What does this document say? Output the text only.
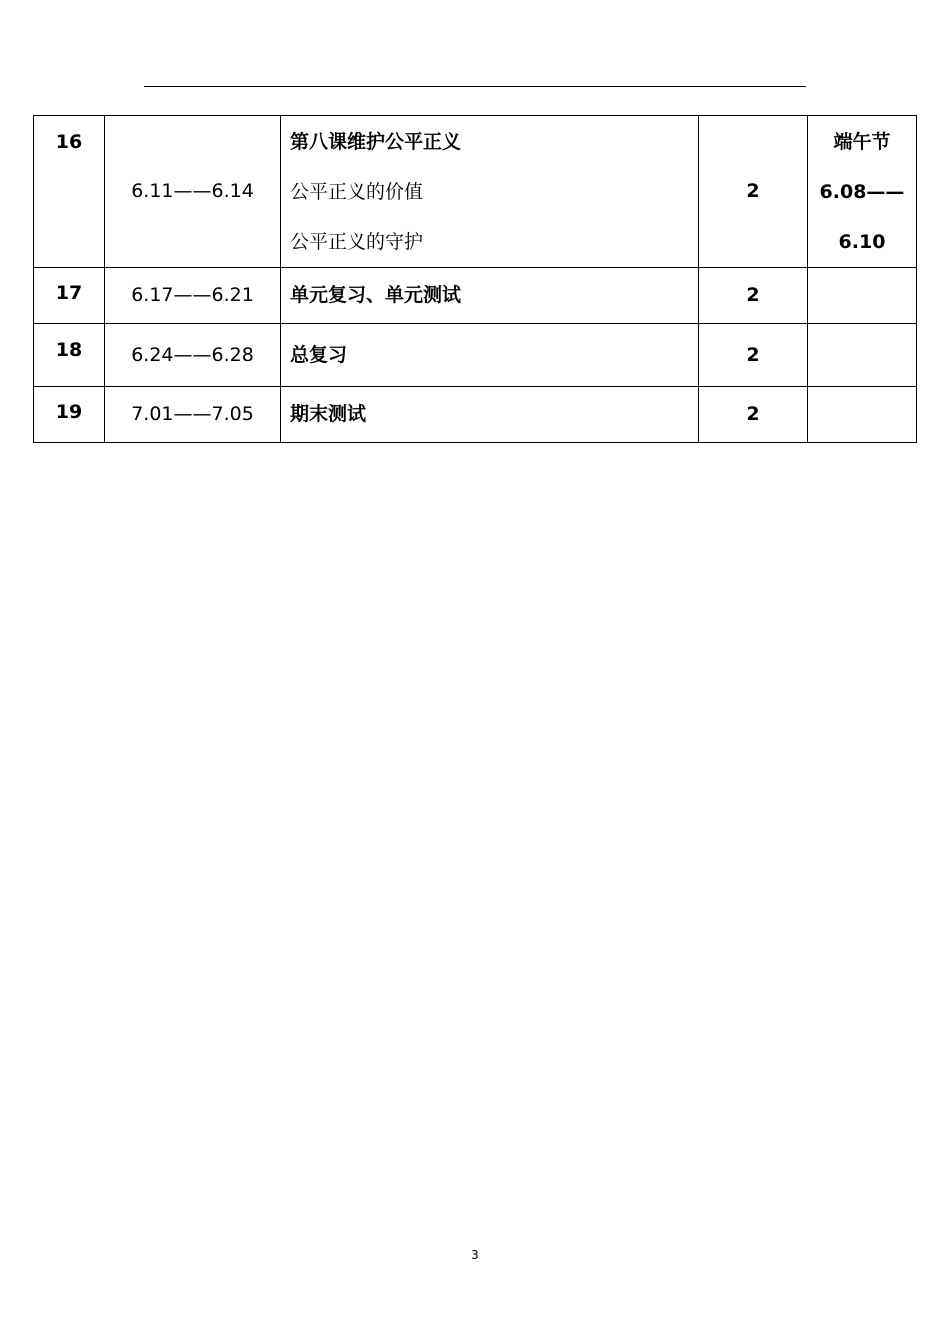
16	6.11——6.14	第八课维护公平正义
公平正义的价值
公平正义的守护	2	端午节
6.08——
6.10

17	6.17——6.21	单元复习、单元测试	2	
18	6.24——6.28	总复习	2	
19	7.01——7.05	期末测试	2	
3
